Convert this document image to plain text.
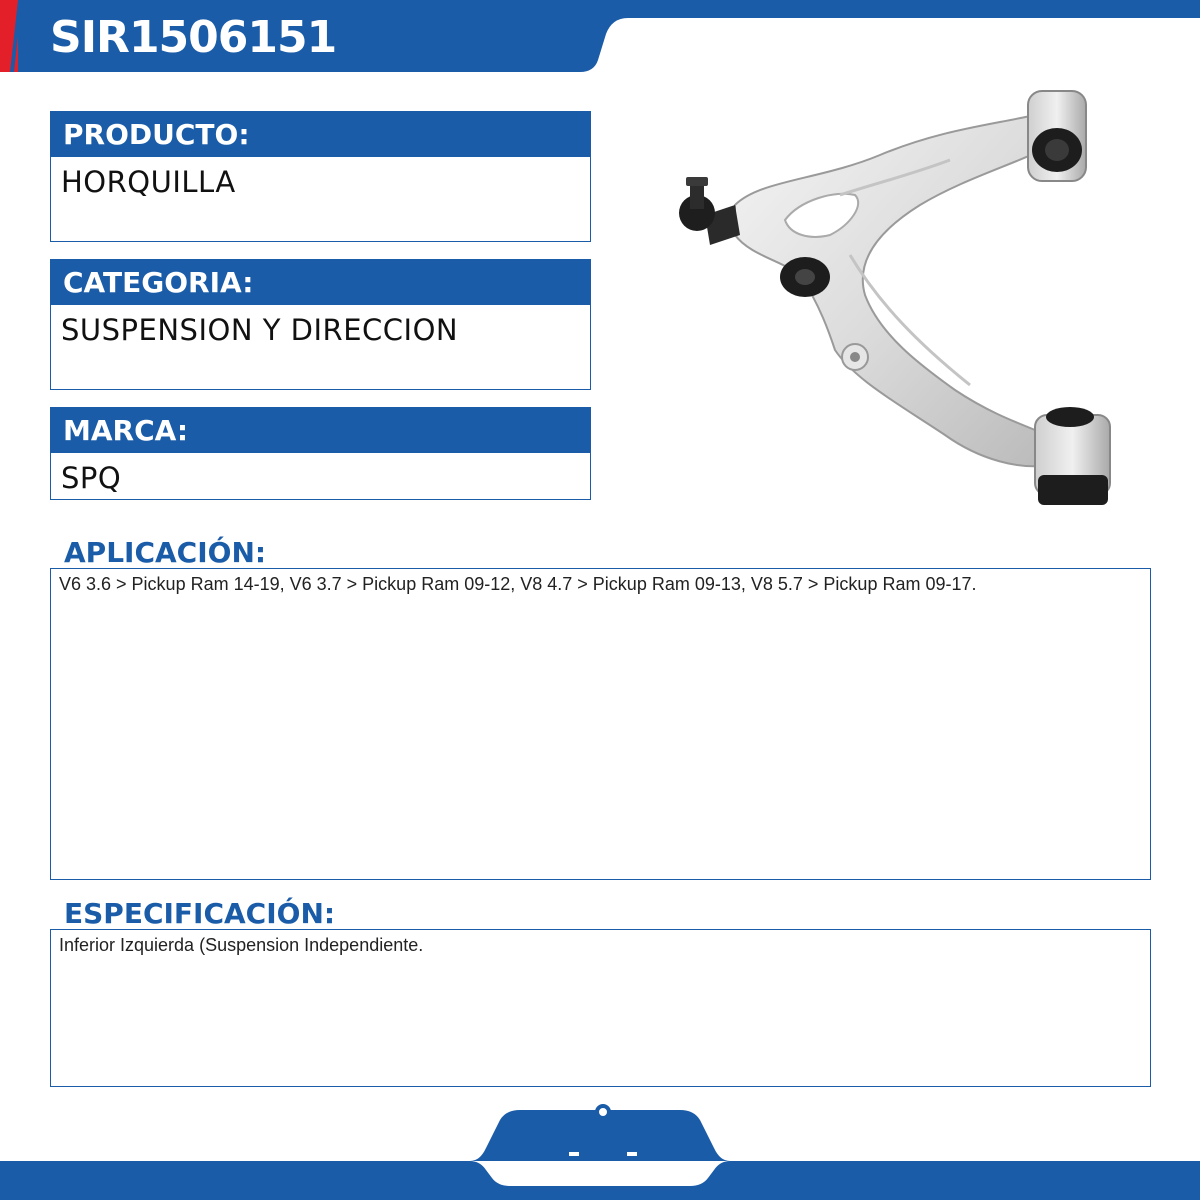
SIR1506151
PRODUCTO:
HORQUILLA
CATEGORIA:
SUSPENSION Y DIRECCION
MARCA:
SPQ
APLICACIÓN:
V6 3.6 > Pickup Ram 14-19, V6 3.7 > Pickup Ram 09-12, V8 4.7 > Pickup Ram 09-13, V8 5.7 > Pickup Ram 09-17.
ESPECIFICACIÓN:
Inferior Izquierda (Suspension Independiente.
SUSPENSIÓN Y DIRECCIÓN
